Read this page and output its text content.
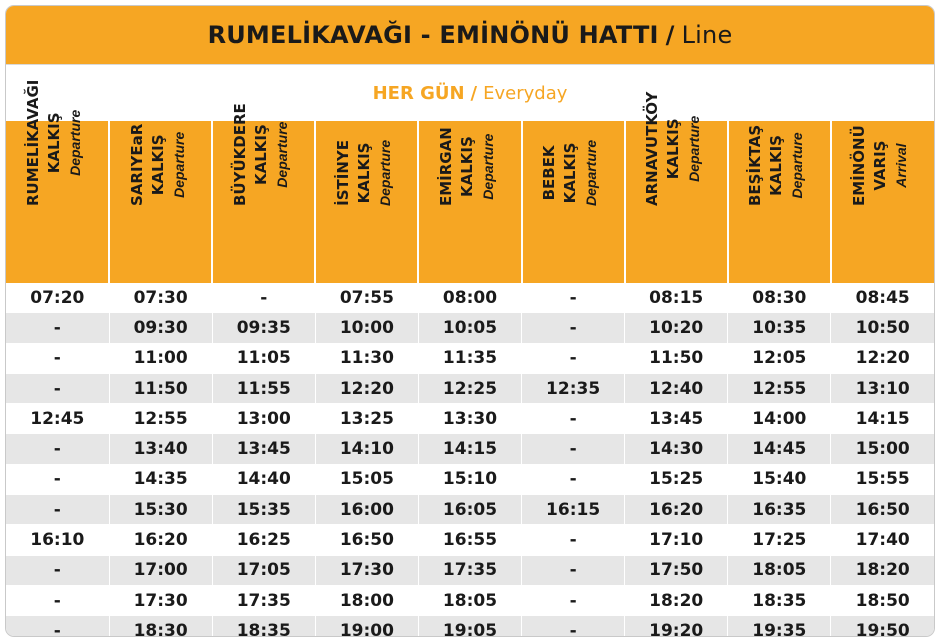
RUMELİKAVAĞI - EMİNÖNÜ HATTI / Line
HER GÜN / Everyday
RUMELİKAVAĞI KALKIŞ Departure	SARIYEaR KALKIŞ Departure	BÜYÜKDERE KALKIŞ Departure	İSTİNYE KALKIŞ Departure	EMİRGAN KALKIŞ Departure	BEBEK KALKIŞ Departure	ARNAVUTKÖY KALKIŞ Departure	BEŞİKTAŞ KALKIŞ Departure	EMİNÖNÜ VARIŞ Arrival

07:20	07:30	-	07:55	08:00	-	08:15	08:30	08:45
-	09:30	09:35	10:00	10:05	-	10:20	10:35	10:50
-	11:00	11:05	11:30	11:35	-	11:50	12:05	12:20
-	11:50	11:55	12:20	12:25	12:35	12:40	12:55	13:10
12:45	12:55	13:00	13:25	13:30	-	13:45	14:00	14:15
-	13:40	13:45	14:10	14:15	-	14:30	14:45	15:00
-	14:35	14:40	15:05	15:10	-	15:25	15:40	15:55
-	15:30	15:35	16:00	16:05	16:15	16:20	16:35	16:50
16:10	16:20	16:25	16:50	16:55	-	17:10	17:25	17:40
-	17:00	17:05	17:30	17:35	-	17:50	18:05	18:20
-	17:30	17:35	18:00	18:05	-	18:20	18:35	18:50
-	18:30	18:35	19:00	19:05	-	19:20	19:35	19:50
